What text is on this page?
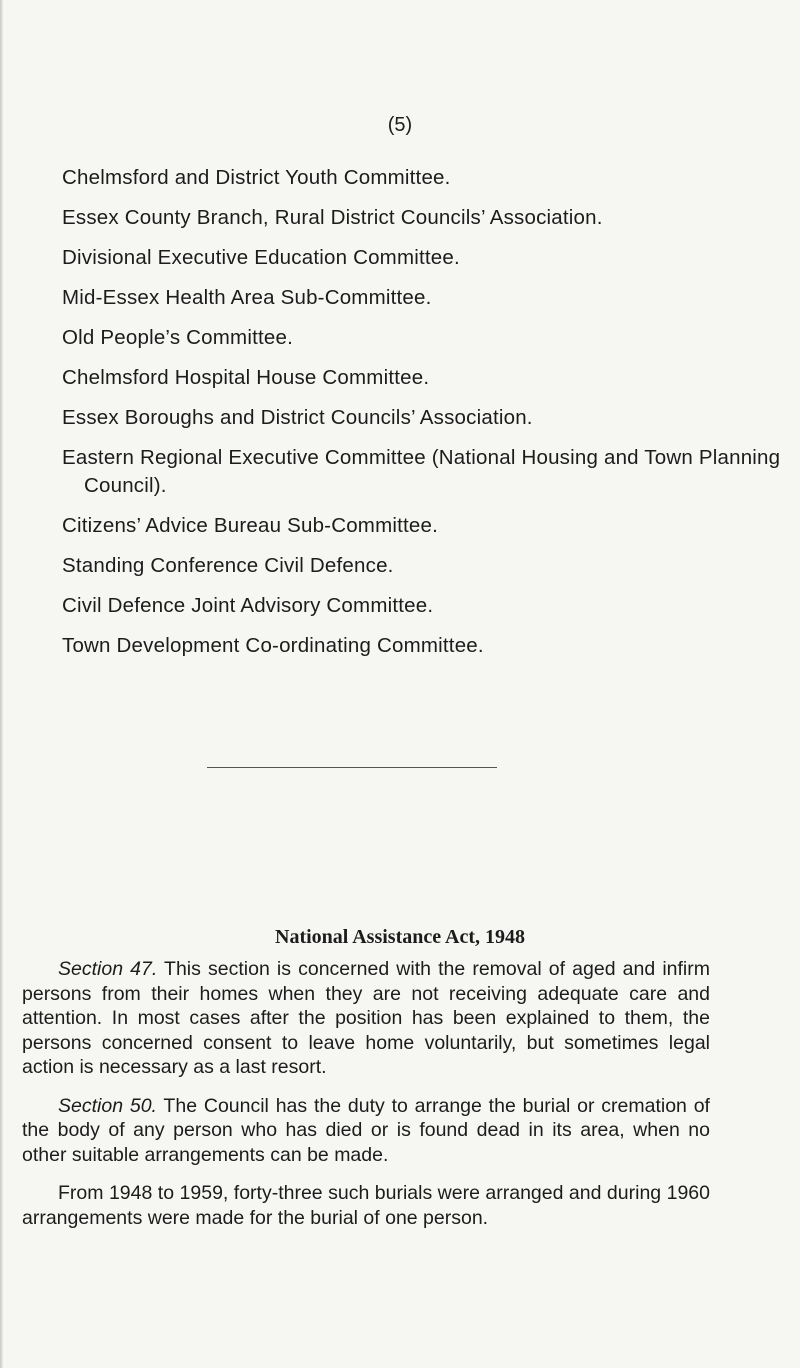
(5)
Chelmsford and District Youth Committee.
Essex County Branch, Rural District Councils’ Association.
Divisional Executive Education Committee.
Mid-Essex Health Area Sub-Committee.
Old People’s Committee.
Chelmsford Hospital House Committee.
Essex Boroughs and District Councils’ Association.
Eastern Regional Executive Committee (National Housing and Town Planning Council).
Citizens’ Advice Bureau Sub-Committee.
Standing Conference Civil Defence.
Civil Defence Joint Advisory Committee.
Town Development Co-ordinating Committee.
National Assistance Act, 1948

Section 47. This section is concerned with the removal of aged and infirm persons from their homes when they are not receiving adequate care and attention. In most cases after the position has been explained to them, the persons concerned consent to leave home voluntarily, but sometimes legal action is necessary as a last resort.

Section 50. The Council has the duty to arrange the burial or cremation of the body of any person who has died or is found dead in its area, when no other suitable arrangements can be made.

From 1948 to 1959, forty-three such burials were arranged and during 1960 arrangements were made for the burial of one person.
